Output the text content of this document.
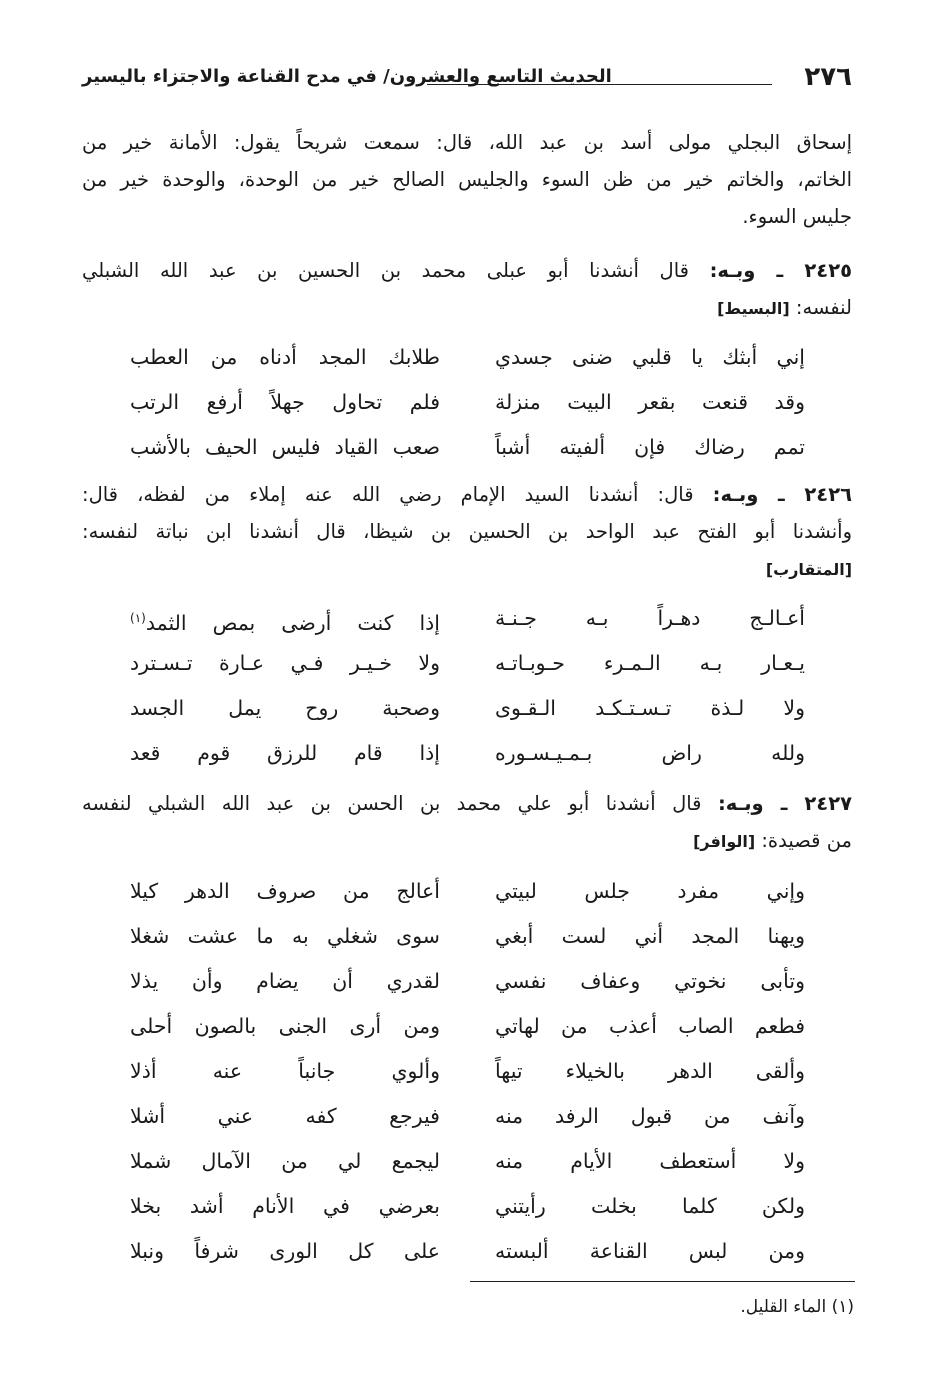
٢٧٦
الحديث التاسع والعشرون/ في مدح القناعة والاجتزاء باليسير
إسحاق البجلي مولى أسد بن عبد الله، قال: سمعت شريحاً يقول: الأمانة خير من
الخاتم، والخاتم خير من ظن السوء والجليس الصالح خير من الوحدة، والوحدة خير من
جليس السوء.
٢٤٢٥ ـ وبـه: قال أنشدنا أبو عبلى محمد بن الحسين بن عبد الله الشبلي
لنفسه: [البسيط]
إني أبثك يا قلبي ضنى جسدي
طلابك المجد أدناه من العطب
وقد قنعت بقعر البيت منزلة
فلم تحاول جهلاً أرفع الرتب
تمم رضاك فإن ألفيته أشباً
صعب القياد فليس الحيف بالأشب
٢٤٢٦ ـ وبـه: قال: أنشدنا السيد الإمام رضي الله عنه إملاء من لفظه، قال:
وأنشدنا أبو الفتح عبد الواحد بن الحسين بن شيظا، قال أنشدنا ابن نباتة لنفسه:
[المتقارب]
أعـالـج دهـراً بـه جـنـة
إذا كنت أرضى بمص الثمد$^{(١)}$
يـعـار بـه الـمـرء حـوبـاتـه
ولا خـيـر فـي عـارة تـسـترد
ولا لـذة تـسـتـكـد الـقـوى
وصحبة روح يمل الجسد
ولله راض بـمـيـسـوره
إذا قام للرزق قوم قعد
٢٤٢٧ ـ وبـه: قال أنشدنا أبو علي محمد بن الحسن بن عبد الله الشبلي لنفسه
من قصيدة: [الوافر]
وإني مفرد جلس لبيتي
أعالج من صروف الدهر كيلا
ويهنا المجد أني لست أبغي
سوى شغلي به ما عشت شغلا
وتأبى نخوتي وعفاف نفسي
لقدري أن يضام وأن يذلا
فطعم الصاب أعذب من لهاتي
ومن أرى الجنى بالصون أحلى
وألقى الدهر بالخيلاء تيهاً
وألوي جانباً عنه أذلا
وآنف من قبول الرفد منه
فيرجع كفه عني أشلا
ولا أستعطف الأيام منه
ليجمع لي من الآمال شملا
ولكن كلما بخلت رأيتني
بعرضي في الأنام أشد بخلا
ومن لبس القناعة ألبسته
على كل الورى شرفاً ونبلا
(١) الماء القليل.
